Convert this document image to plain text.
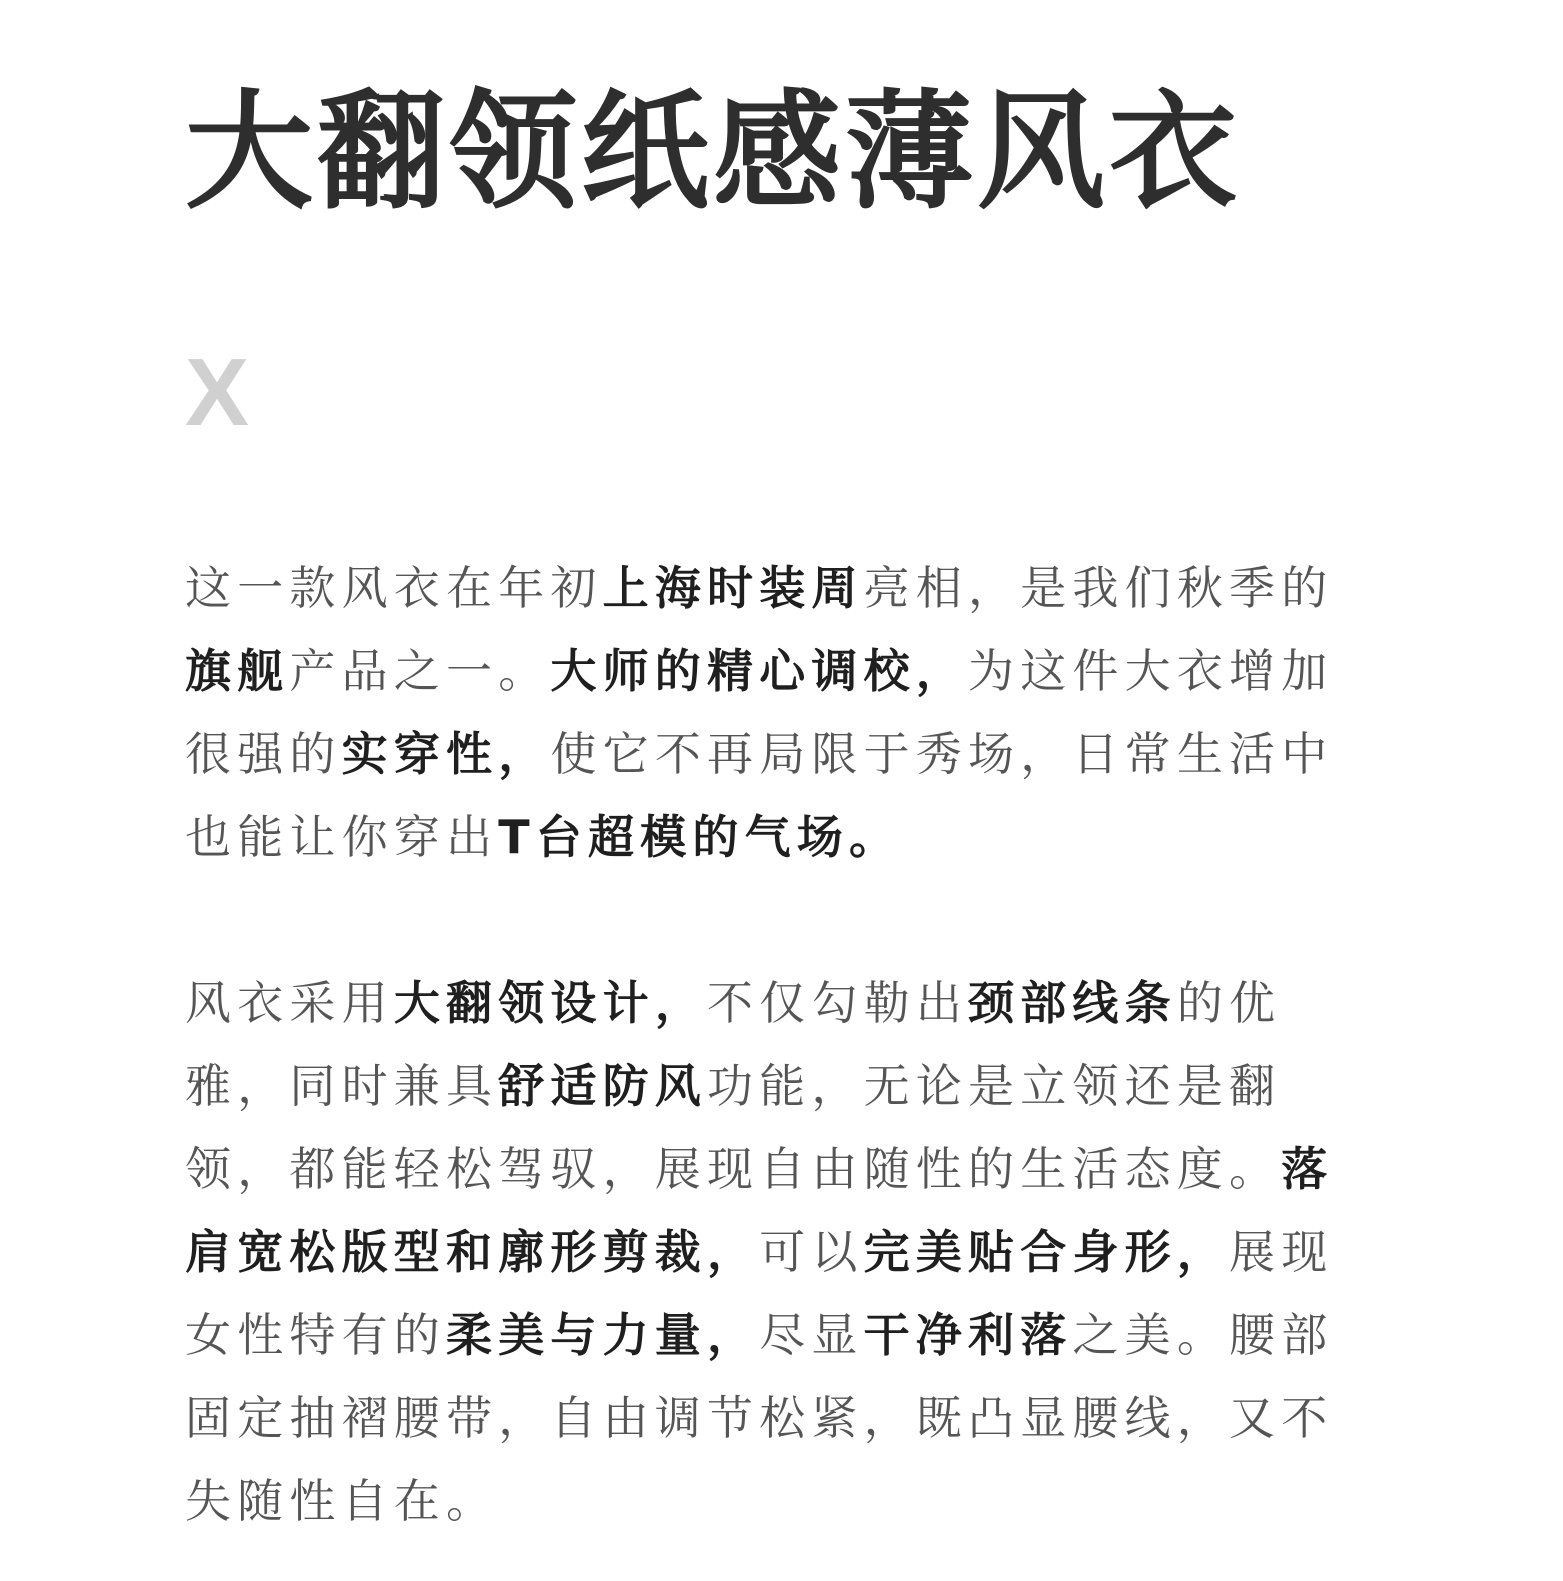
大翻领纸感薄风衣
X

这一款风衣在年初上海时装周亮相，是我们秋季的旗舰产品之一。大师的精心调校，为这件大衣增加很强的实穿性，使它不再局限于秀场，日常生活中也能让你穿出T台超模的气场。

风衣采用大翻领设计，不仅勾勒出颈部线条的优雅，同时兼具舒适防风功能，无论是立领还是翻领，都能轻松驾驭，展现自由随性的生活态度。落肩宽松版型和廓形剪裁，可以完美贴合身形，展现女性特有的柔美与力量，尽显干净利落之美。腰部固定抽褶腰带，自由调节松紧，既凸显腰线，又不失随性自在。
